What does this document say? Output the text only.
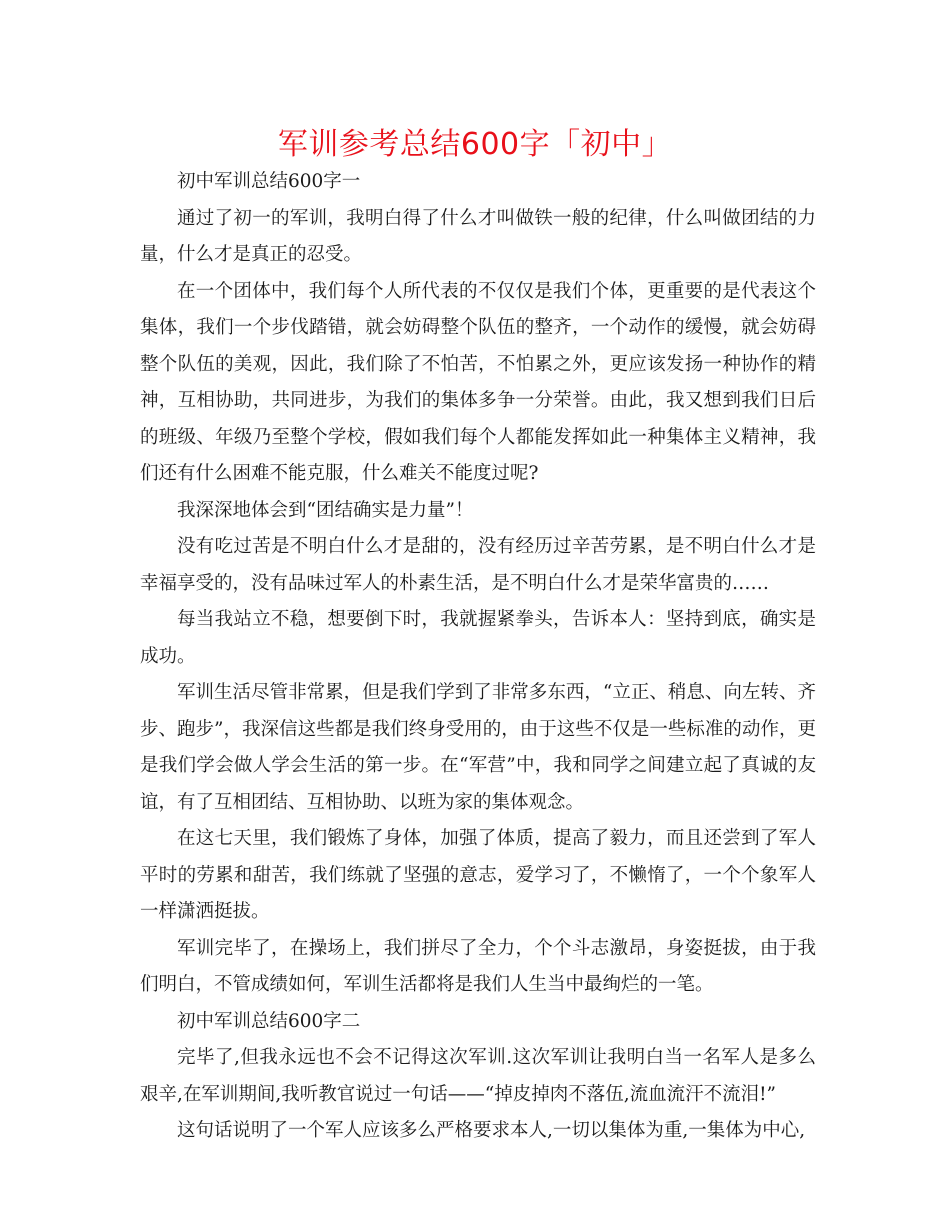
军训参考总结600字「初中」

初中军训总结600字一

通过了初一的军训，我明白得了什么才叫做铁一般的纪律，什么叫做团结的力量，什么才是真正的忍受。

在一个团体中，我们每个人所代表的不仅仅是我们个体，更重要的是代表这个集体，我们一个步伐踏错，就会妨碍整个队伍的整齐，一个动作的缓慢，就会妨碍整个队伍的美观，因此，我们除了不怕苦，不怕累之外，更应该发扬一种协作的精神，互相协助，共同进步，为我们的集体多争一分荣誉。由此，我又想到我们日后的班级、年级乃至整个学校，假如我们每个人都能发挥如此一种集体主义精神，我们还有什么困难不能克服，什么难关不能度过呢?

我深深地体会到“团结确实是力量”！

没有吃过苦是不明白什么才是甜的，没有经历过辛苦劳累，是不明白什么才是幸福享受的，没有品味过军人的朴素生活，是不明白什么才是荣华富贵的……

每当我站立不稳，想要倒下时，我就握紧拳头，告诉本人：坚持到底，确实是成功。

军训生活尽管非常累，但是我们学到了非常多东西，“立正、稍息、向左转、齐步、跑步”，我深信这些都是我们终身受用的，由于这些不仅是一些标准的动作，更是我们学会做人学会生活的第一步。在“军营”中，我和同学之间建立起了真诚的友谊，有了互相团结、互相协助、以班为家的集体观念。

在这七天里，我们锻炼了身体，加强了体质，提高了毅力，而且还尝到了军人平时的劳累和甜苦，我们练就了坚强的意志，爱学习了，不懒惰了，一个个象军人一样潇洒挺拔。

军训完毕了，在操场上，我们拼尽了全力，个个斗志激昂，身姿挺拔，由于我们明白，不管成绩如何，军训生活都将是我们人生当中最绚烂的一笔。

初中军训总结600字二

完毕了,但我永远也不会不记得这次军训.这次军训让我明白当一名军人是多么艰辛,在军训期间,我听教官说过一句话——“掉皮掉肉不落伍,流血流汗不流泪!”

这句话说明了一个军人应该多么严格要求本人,一切以集体为重,一集体为中心,
